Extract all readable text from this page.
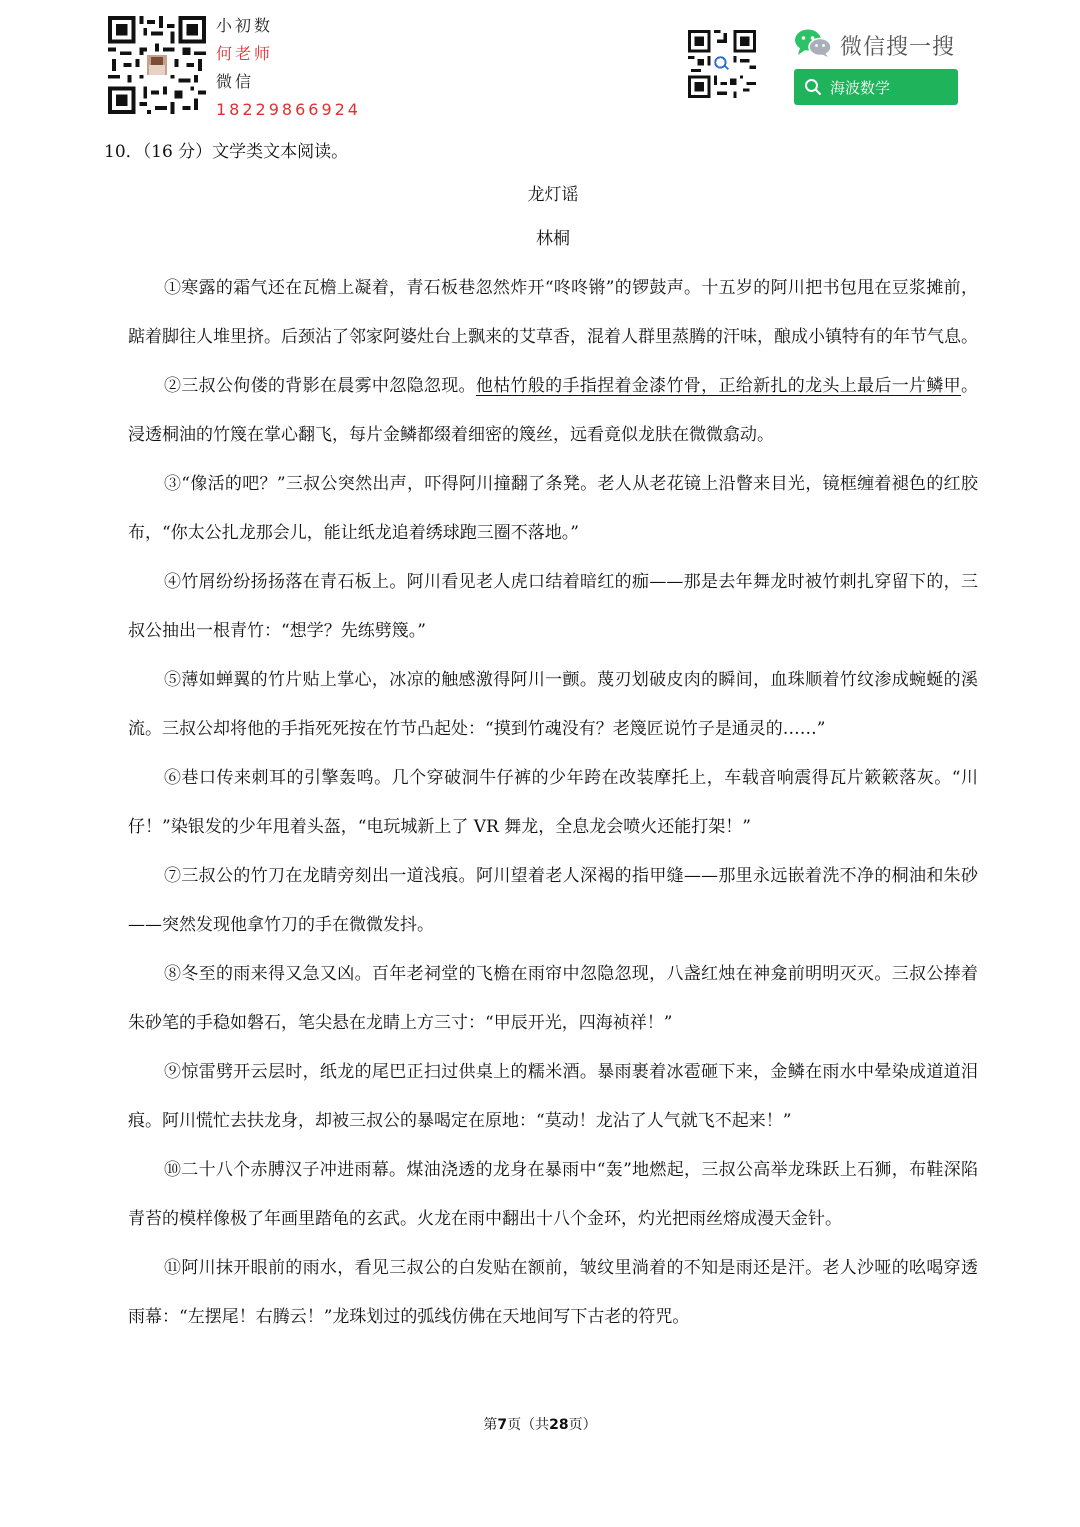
小初数
何老师
微信
18229866924
微信搜一搜
海波数学
10．（16 分）文学类文本阅读。
龙灯谣
林桐

①寒露的霜气还在瓦檐上凝着，青石板巷忽然炸开“咚咚锵”的锣鼓声。十五岁的阿川把书包甩在豆浆摊前，踮着脚往人堆里挤。后颈沾了邻家阿婆灶台上飘来的艾草香，混着人群里蒸腾的汗味，酿成小镇特有的年节气息。

②三叔公佝偻的背影在晨雾中忽隐忽现。他枯竹般的手指捏着金漆竹骨，正给新扎的龙头上最后一片鳞甲。浸透桐油的竹篾在掌心翻飞，每片金鳞都缀着细密的篾丝，远看竟似龙肤在微微翕动。

③“像活的吧？”三叔公突然出声，吓得阿川撞翻了条凳。老人从老花镜上沿瞥来目光，镜框缠着褪色的红胶布，“你太公扎龙那会儿，能让纸龙追着绣球跑三圈不落地。”

④竹屑纷纷扬扬落在青石板上。阿川看见老人虎口结着暗红的痂——那是去年舞龙时被竹刺扎穿留下的，三叔公抽出一根青竹：“想学？先练劈篾。”

⑤薄如蝉翼的竹片贴上掌心，冰凉的触感激得阿川一颤。蔑刃划破皮肉的瞬间，血珠顺着竹纹渗成蜿蜒的溪流。三叔公却将他的手指死死按在竹节凸起处：“摸到竹魂没有？老篾匠说竹子是通灵的……”

⑥巷口传来刺耳的引擎轰鸣。几个穿破洞牛仔裤的少年跨在改装摩托上，车载音响震得瓦片簌簌落灰。“川仔！”染银发的少年甩着头盔，“电玩城新上了 VR 舞龙，全息龙会喷火还能打架！”

⑦三叔公的竹刀在龙睛旁刻出一道浅痕。阿川望着老人深褐的指甲缝——那里永远嵌着洗不净的桐油和朱砂——突然发现他拿竹刀的手在微微发抖。

⑧冬至的雨来得又急又凶。百年老祠堂的飞檐在雨帘中忽隐忽现，八盏红烛在神龛前明明灭灭。三叔公捧着朱砂笔的手稳如磐石，笔尖悬在龙睛上方三寸：“甲辰开光，四海祯祥！”

⑨惊雷劈开云层时，纸龙的尾巴正扫过供桌上的糯米酒。暴雨裹着冰雹砸下来，金鳞在雨水中晕染成道道泪痕。阿川慌忙去扶龙身，却被三叔公的暴喝定在原地：“莫动！龙沾了人气就飞不起来！”

⑩二十八个赤膊汉子冲进雨幕。煤油浇透的龙身在暴雨中“轰”地燃起，三叔公高举龙珠跃上石狮，布鞋深陷青苔的模样像极了年画里踏龟的玄武。火龙在雨中翻出十八个金环，灼光把雨丝熔成漫天金针。

⑪阿川抹开眼前的雨水，看见三叔公的白发贴在额前，皱纹里淌着的不知是雨还是汗。老人沙哑的吆喝穿透雨幕：“左摆尾！右腾云！”龙珠划过的弧线仿佛在天地间写下古老的符咒。

第7页（共28页）
